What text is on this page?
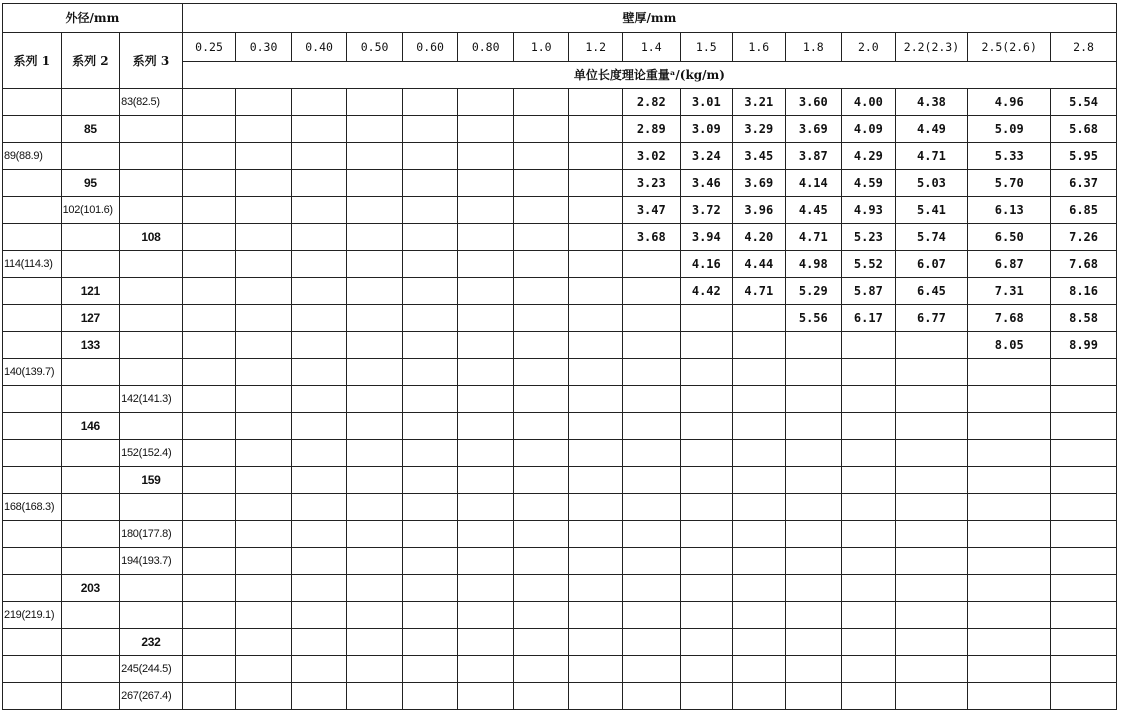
外径/mm			壁厚/mm															
系列 1	系列 2	系列 3	0.25	0.30	0.40	0.50	0.60	0.80	1.0	1.2	1.4	1.5	1.6	1.8	2.0	2.2(2.3)	2.5(2.6)	2.8
			单位长度理论重量ᵃ/(kg/m)															
		83(82.5)									2.82	3.01	3.21	3.60	4.00	4.38	4.96	5.54
	85										2.89	3.09	3.29	3.69	4.09	4.49	5.09	5.68
89(88.9)											3.02	3.24	3.45	3.87	4.29	4.71	5.33	5.95
	95										3.23	3.46	3.69	4.14	4.59	5.03	5.70	6.37
	102(101.6)										3.47	3.72	3.96	4.45	4.93	5.41	6.13	6.85
		108									3.68	3.94	4.20	4.71	5.23	5.74	6.50	7.26
114(114.3)												4.16	4.44	4.98	5.52	6.07	6.87	7.68
	121											4.42	4.71	5.29	5.87	6.45	7.31	8.16
	127													5.56	6.17	6.77	7.68	8.58
	133																8.05	8.99
140(139.7)																		
		142(141.3)																
	146																	
		152(152.4)																
		159																
168(168.3)																		
		180(177.8)																
		194(193.7)																
	203																	
219(219.1)																		
		232																
		245(244.5)																
		267(267.4)																
